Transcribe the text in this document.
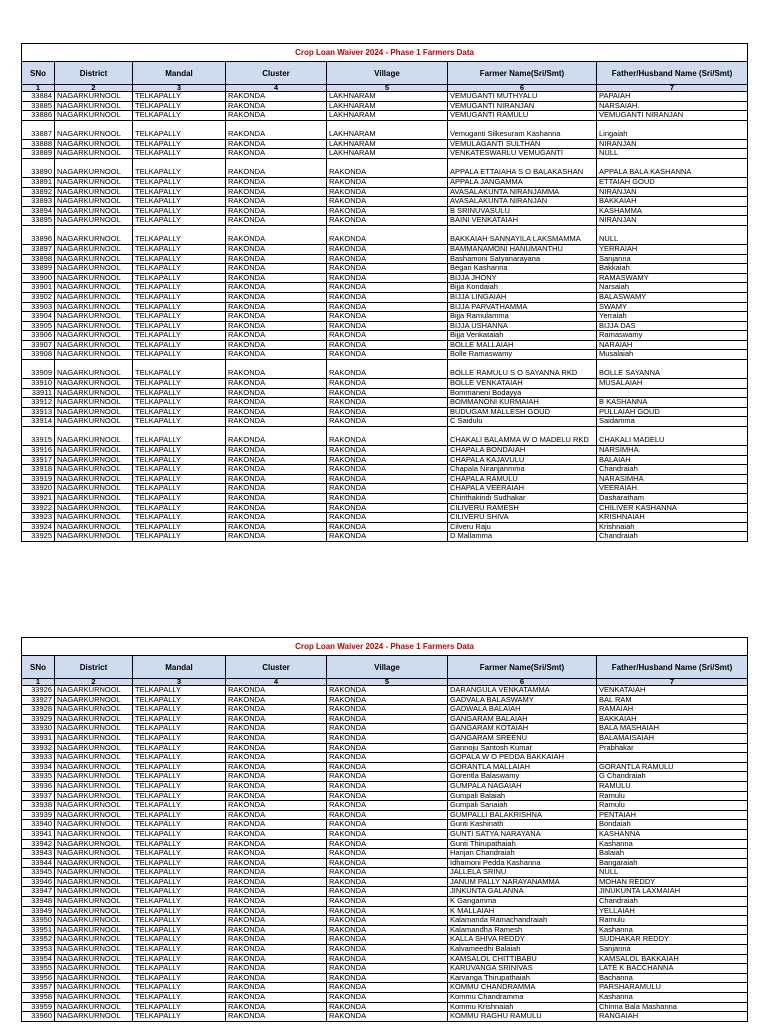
Crop Loan Waiver 2024 - Phase 1 Farmers Data						
SNo	District	Mandal	Cluster	Village	Farmer Name(Sri/Smt)	Father/Husband Name (Sri/Smt)
1	2	3	4	5	6	7
33884	NAGARKURNOOL	TELKAPALLY	RAKONDA	LAKHNARAM	VEMUGANTI MUTHYALU	PAPAIAH
33885	NAGARKURNOOL	TELKAPALLY	RAKONDA	LAKHNARAM	VEMUGANTI NIRANJAN	NARSAIAH.
33886	NAGARKURNOOL	TELKAPALLY	RAKONDA	LAKHNARAM	VEMUGANTI RAMULU	VEMUGANTI NIRANJAN
33887	NAGARKURNOOL	TELKAPALLY	RAKONDA	LAKHNARAM	Vemuganti Silkesuram Kashanna	Lingaiah
33888	NAGARKURNOOL	TELKAPALLY	RAKONDA	LAKHNARAM	VEMULAGANTI SULTHAN	NIRANJAN
33889	NAGARKURNOOL	TELKAPALLY	RAKONDA	LAKHNARAM	VENKATESWARLU VEMUGANTI	NULL
33890	NAGARKURNOOL	TELKAPALLY	RAKONDA	RAKONDA	APPALA ETTAIAHA S O BALAKASHAN	APPALA BALA KASHANNA
33891	NAGARKURNOOL	TELKAPALLY	RAKONDA	RAKONDA	APPALA JANGAMMA	ETTAIAH GOUD
33892	NAGARKURNOOL	TELKAPALLY	RAKONDA	RAKONDA	AVASALAKUNTA NIRANJAMMA	NIRANJAN
33893	NAGARKURNOOL	TELKAPALLY	RAKONDA	RAKONDA	AVASALAKUNTA NIRANJAN	BAKKAIAH
33894	NAGARKURNOOL	TELKAPALLY	RAKONDA	RAKONDA	B SRINUVASULU	KASHAMMA
33895	NAGARKURNOOL	TELKAPALLY	RAKONDA	RAKONDA	BAINI VENKATAIAH	NIRANJAN
33896	NAGARKURNOOL	TELKAPALLY	RAKONDA	RAKONDA	BAKKAIAH SANNAYILA LAKSMAMMA	NULL
33897	NAGARKURNOOL	TELKAPALLY	RAKONDA	RAKONDA	BAMMANAMONI HANUMANTHU	YERRAIAH
33898	NAGARKURNOOL	TELKAPALLY	RAKONDA	RAKONDA	Bashamoni Satyanarayana	Sanjanna
33899	NAGARKURNOOL	TELKAPALLY	RAKONDA	RAKONDA	Begari Kashanna	Bakkaiah
33900	NAGARKURNOOL	TELKAPALLY	RAKONDA	RAKONDA	BIJJA JHONY	RAMASWAMY
33901	NAGARKURNOOL	TELKAPALLY	RAKONDA	RAKONDA	Bijja Kondaiah	Narsaiah
33902	NAGARKURNOOL	TELKAPALLY	RAKONDA	RAKONDA	BIJJA LINGAIAH	BALASWAMY
33903	NAGARKURNOOL	TELKAPALLY	RAKONDA	RAKONDA	BIJJA PARVATHAMMA	SWAMY
33904	NAGARKURNOOL	TELKAPALLY	RAKONDA	RAKONDA	Bijja Ramulamma	Yerraiah
33905	NAGARKURNOOL	TELKAPALLY	RAKONDA	RAKONDA	BIJJA USHANNA	BIJJA DAS
33906	NAGARKURNOOL	TELKAPALLY	RAKONDA	RAKONDA	Bijja Venkataiah	Ramaswamy
33907	NAGARKURNOOL	TELKAPALLY	RAKONDA	RAKONDA	BOLLE MALLAIAH	NARAIAH
33908	NAGARKURNOOL	TELKAPALLY	RAKONDA	RAKONDA	Bolle Ramaswamy	Musalaiah
33909	NAGARKURNOOL	TELKAPALLY	RAKONDA	RAKONDA	BOLLE RAMULU S O SAYANNA RKD	BOLLE SAYANNA
33910	NAGARKURNOOL	TELKAPALLY	RAKONDA	RAKONDA	BOLLE VENKATAIAH	MUSALAIAH
33911	NAGARKURNOOL	TELKAPALLY	RAKONDA	RAKONDA	Bommaneni Bodayya	
33912	NAGARKURNOOL	TELKAPALLY	RAKONDA	RAKONDA	BOMMANONI KURMAIAH	B KASHANNA
33913	NAGARKURNOOL	TELKAPALLY	RAKONDA	RAKONDA	BUDUGAM MALLESH GOUD	PULLAIAH GOUD
33914	NAGARKURNOOL	TELKAPALLY	RAKONDA	RAKONDA	C Saidulu	Saidamma
33915	NAGARKURNOOL	TELKAPALLY	RAKONDA	RAKONDA	CHAKALI BALAMMA W O MADELU RKD	CHAKALI MADELU
33916	NAGARKURNOOL	TELKAPALLY	RAKONDA	RAKONDA	CHAPALA BONDAIAH	NARSIMHA.
33917	NAGARKURNOOL	TELKAPALLY	RAKONDA	RAKONDA	CHAPALA KAJAVULU	BALAIAH
33918	NAGARKURNOOL	TELKAPALLY	RAKONDA	RAKONDA	Chapala Niranjanmma	Chandraiah
33919	NAGARKURNOOL	TELKAPALLY	RAKONDA	RAKONDA	CHAPALA RAMULU	NARASIMHA
33920	NAGARKURNOOL	TELKAPALLY	RAKONDA	RAKONDA	CHAPALA VEERAIAH	VEERAIAH.
33921	NAGARKURNOOL	TELKAPALLY	RAKONDA	RAKONDA	Chinthakindi Sudhakar	Dasharatham
33922	NAGARKURNOOL	TELKAPALLY	RAKONDA	RAKONDA	CILIVERU RAMESH	CHILIVER KASHANNA
33923	NAGARKURNOOL	TELKAPALLY	RAKONDA	RAKONDA	CILIVERU SHIVA	KRISHNAIAH
33924	NAGARKURNOOL	TELKAPALLY	RAKONDA	RAKONDA	Cilveru Raju	Krishnaiah
33925	NAGARKURNOOL	TELKAPALLY	RAKONDA	RAKONDA	D Mallamma	Chandraiah
Crop Loan Waiver 2024 - Phase 1 Farmers Data						
SNo	District	Mandal	Cluster	Village	Farmer Name(Sri/Smt)	Father/Husband Name (Sri/Smt)
1	2	3	4	5	6	7
33926	NAGARKURNOOL	TELKAPALLY	RAKONDA	RAKONDA	DARANGULA VENKATAMMA	VENKATAIAH
33927	NAGARKURNOOL	TELKAPALLY	RAKONDA	RAKONDA	GADVALA BALASWAMY	BAL RAM
33928	NAGARKURNOOL	TELKAPALLY	RAKONDA	RAKONDA	GADWALA BALAIAH	RAMAIAH
33929	NAGARKURNOOL	TELKAPALLY	RAKONDA	RAKONDA	GANGARAM BALAIAH	BAKKAIAH
33930	NAGARKURNOOL	TELKAPALLY	RAKONDA	RAKONDA	GANGARAM KOTAIAH	BALA MASHAIAH
33931	NAGARKURNOOL	TELKAPALLY	RAKONDA	RAKONDA	GANGARAM SREENU	BALAMAISAIAH
33932	NAGARKURNOOL	TELKAPALLY	RAKONDA	RAKONDA	Gannoju Santosh Kumar	Prabhakar
33933	NAGARKURNOOL	TELKAPALLY	RAKONDA	RAKONDA	GOPALA W O PEDDA BAKKAIAH	
33934	NAGARKURNOOL	TELKAPALLY	RAKONDA	RAKONDA	GORANTLA MALLAIAH	GORANTLA RAMULU
33935	NAGARKURNOOL	TELKAPALLY	RAKONDA	RAKONDA	Gorentla Balaswamy	G Chandraiah
33936	NAGARKURNOOL	TELKAPALLY	RAKONDA	RAKONDA	GUMPALA NAGAIAH	RAMULU
33937	NAGARKURNOOL	TELKAPALLY	RAKONDA	RAKONDA	Gumpali Balaiah	Ramulu
33938	NAGARKURNOOL	TELKAPALLY	RAKONDA	RAKONDA	Gumpali Sanaiah	Ramulu
33939	NAGARKURNOOL	TELKAPALLY	RAKONDA	RAKONDA	GUMPALLI BALAKRISHNA	PENTAIAH
33940	NAGARKURNOOL	TELKAPALLY	RAKONDA	RAKONDA	Gunti Kashinath	Bondaiah
33941	NAGARKURNOOL	TELKAPALLY	RAKONDA	RAKONDA	GUNTI SATYA NARAYANA	KASHANNA
33942	NAGARKURNOOL	TELKAPALLY	RAKONDA	RAKONDA	Gunti Thirupathaiah	Kashanna
33943	NAGARKURNOOL	TELKAPALLY	RAKONDA	RAKONDA	Harijan Chandraiah	Balaiah
33944	NAGARKURNOOL	TELKAPALLY	RAKONDA	RAKONDA	Idhamoni Pedda Kashanna	Bangaraiah
33945	NAGARKURNOOL	TELKAPALLY	RAKONDA	RAKONDA	JALLELA SRINU	NULL
33946	NAGARKURNOOL	TELKAPALLY	RAKONDA	RAKONDA	JANUM PALLY NARAYANAMMA	MOHAN REDDY
33947	NAGARKURNOOL	TELKAPALLY	RAKONDA	RAKONDA	JINKUNTA GALANNA	JINUKUNTA LAXMAIAH
33948	NAGARKURNOOL	TELKAPALLY	RAKONDA	RAKONDA	K Gangamma	Chandraiah
33949	NAGARKURNOOL	TELKAPALLY	RAKONDA	RAKONDA	K MALLAIAH	YELLAIAH
33950	NAGARKURNOOL	TELKAPALLY	RAKONDA	RAKONDA	Kalamanda Ramachandraiah	Ramulu
33951	NAGARKURNOOL	TELKAPALLY	RAKONDA	RAKONDA	Kalamandha Ramesh	Kashanna
33952	NAGARKURNOOL	TELKAPALLY	RAKONDA	RAKONDA	KALLA SHIVA REDDY	SUDHAKAR REDDY
33953	NAGARKURNOOL	TELKAPALLY	RAKONDA	RAKONDA	Kalvameedhi Balaiah	Sanjanna
33954	NAGARKURNOOL	TELKAPALLY	RAKONDA	RAKONDA	KAMSALOL CHITTIBABU	KAMSALOL BAKKAIAH
33955	NAGARKURNOOL	TELKAPALLY	RAKONDA	RAKONDA	KARUVANGA SRINIVAS	LATE K BACCHANNA
33956	NAGARKURNOOL	TELKAPALLY	RAKONDA	RAKONDA	Karvanga Thirupathaiah	Bachanna
33957	NAGARKURNOOL	TELKAPALLY	RAKONDA	RAKONDA	KOMMU CHANDRAMMA	PARSHARAMULU
33958	NAGARKURNOOL	TELKAPALLY	RAKONDA	RAKONDA	Kommu Chandramma	Kashanna
33959	NAGARKURNOOL	TELKAPALLY	RAKONDA	RAKONDA	Kommu Krishnaiah	Chinna Bala Mashanna
33960	NAGARKURNOOL	TELKAPALLY	RAKONDA	RAKONDA	KOMMU RAGHU RAMULU	RANGAIAH
